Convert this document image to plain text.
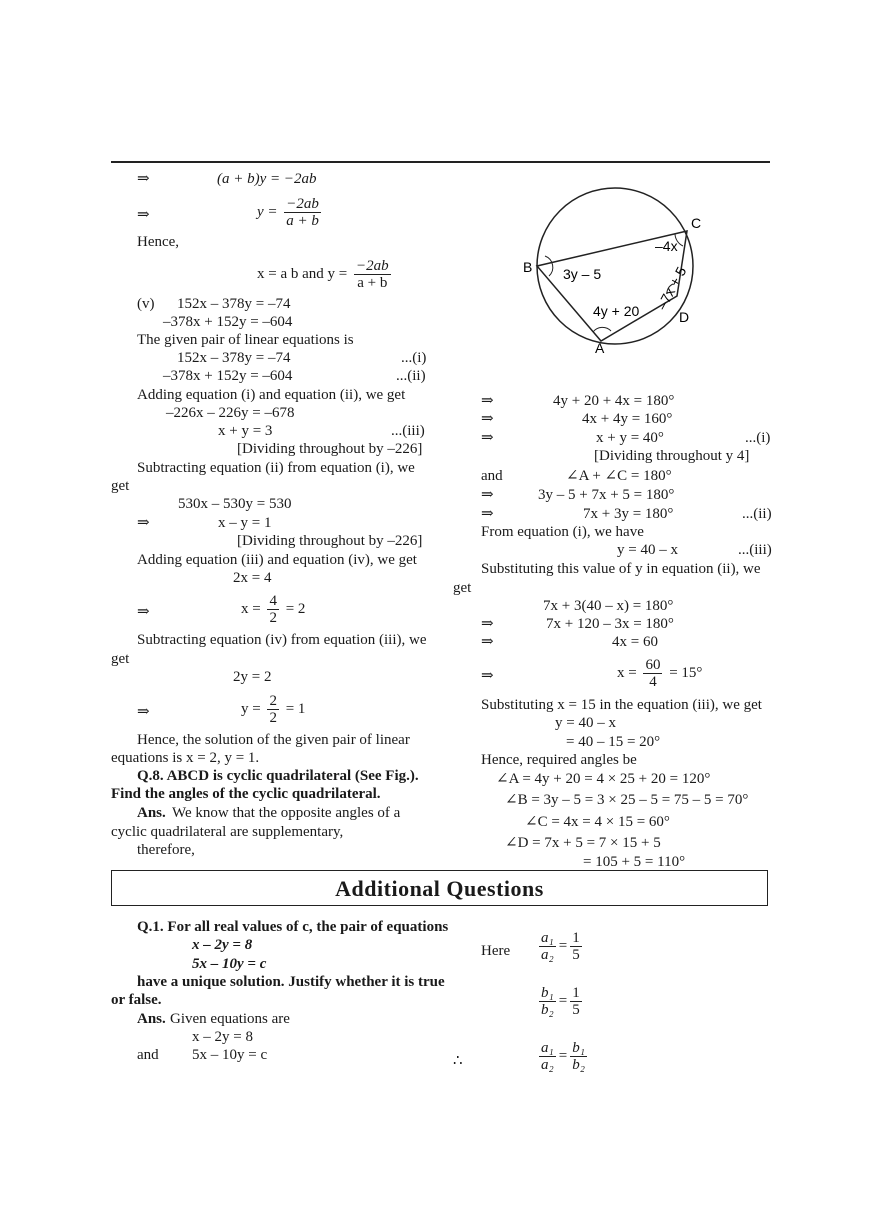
⇒	(a + b)y = −2ab
⇒	$y = \frac{-2ab}{a + b}$
Hence,
x = a b and $y = \frac{-2ab}{a + b}$
(v) 152x – 378y = –74
–378x + 152y = –604
The given pair of linear equations is
152x – 378y = –74	...(i)
–378x + 152y = –604	...(ii)
Adding equation (i) and equation (ii), we get
–226x – 226y = –678
x + y = 3	...(iii)
[Dividing throughout by –226]
Subtracting equation (ii) from equation (i), we
get
530x – 530y = 530
⇒	x – y = 1
[Dividing throughout by –226]
Adding equation (iii) and equation (iv), we get
2x = 4
⇒	$x = \frac{4}{2} = 2$
Subtracting equation (iv) from equation (iii), we
get
2y = 2
⇒	$y = \frac{2}{2} = 1$
Hence, the solution of the given pair of linear
equations is x = 2, y = 1.
Q.8. ABCD is cyclic quadrilateral (See Fig.).
Find the angles of the cyclic quadrilateral.
Ans. We know that the opposite angles of a
cyclic quadrilateral are supplementary,
therefore,
C
B
A
D
3y – 5
4y + 20
–4x
–7x + 5
⇒	4y + 20 + 4x = 180°
⇒	4x + 4y = 160°
⇒	x + y = 40°	...(i)
[Dividing throughout y 4]
and	∠A + ∠C = 180°
⇒	3y – 5 + 7x + 5 = 180°
⇒	7x + 3y = 180°	...(ii)
From equation (i), we have
y = 40 – x	...(iii)
Substituting this value of y in equation (ii), we
get
7x + 3(40 – x) = 180°
⇒	7x + 120 – 3x = 180°
⇒	4x = 60
⇒	$x = \frac{60}{4} = 15^\circ$
Substituting x = 15 in the equation (iii), we get
y = 40 – x
= 40 – 15 = 20°
Hence, required angles be
∠A = 4y + 20 = 4 × 25 + 20 = 120°
∠B = 3y – 5 = 3 × 25 – 5 = 75 – 5 = 70°
∠C = 4x = 4 × 15 = 60°
∠D = 7x + 5 = 7 × 15 + 5
= 105 + 5 = 110°
Additional Questions
Q.1. For all real values of c, the pair of equations
x – 2y = 8
5x – 10y = c
have a unique solution. Justify whether it is true
or false.
Ans. Given equations are
x – 2y = 8
and 5x – 10y = c
Here $\frac{\text{a₁}}{\text{a₂}} = \frac{1}{5}$
$\frac{\text{b₁}}{\text{b₂}} = \frac{1}{5}$
∴	$\frac{\text{a₁}}{\text{a₂}} = \frac{\text{b₁}}{\text{b₂}}$
